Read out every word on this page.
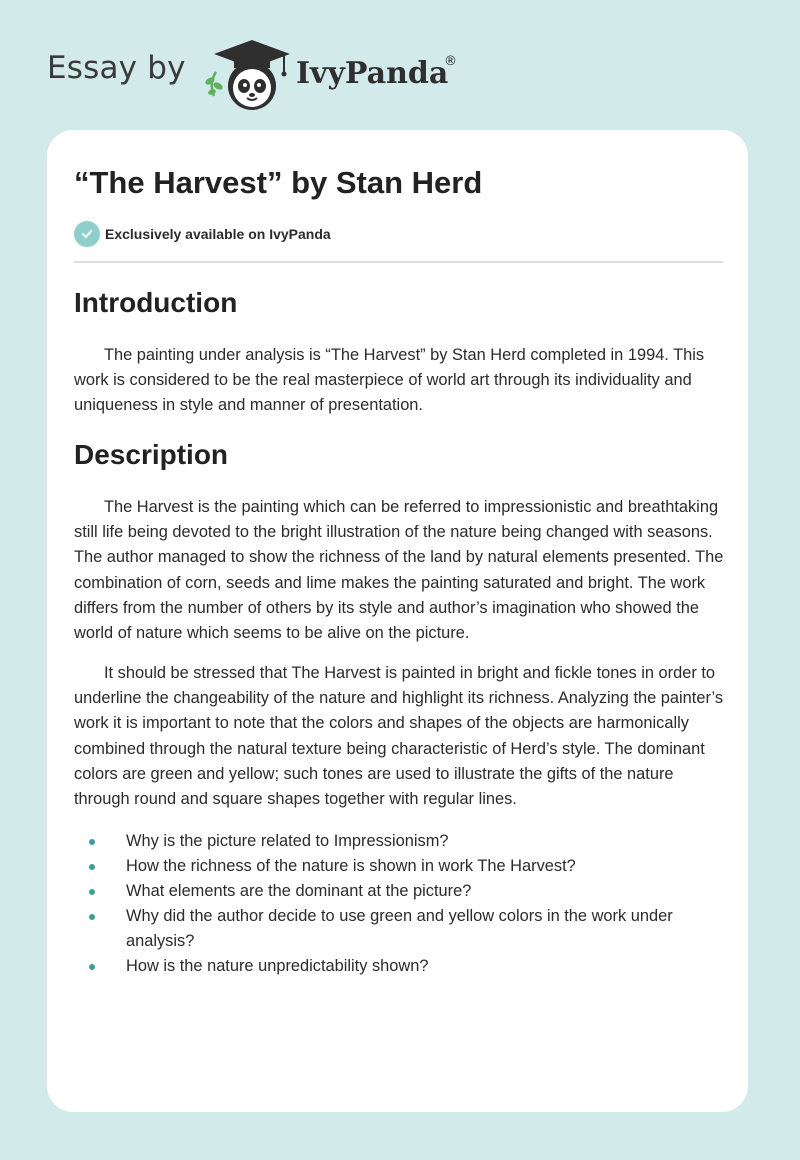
Essay by	IvyPanda
®
“The Harvest” by Stan Herd
Exclusively available on IvyPanda
Introduction

The painting under analysis is “The Harvest” by Stan Herd completed in 1994. This work is considered to be the real masterpiece of world art through its individuality and uniqueness in style and manner of presentation.

Description

The Harvest is the painting which can be referred to impressionistic and breathtaking still life being devoted to the bright illustration of the nature being changed with seasons. The author managed to show the richness of the land by natural elements presented. The combination of corn, seeds and lime makes the painting saturated and bright. The work differs from the number of others by its style and author’s imagination who showed the world of nature which seems to be alive on the picture.

It should be stressed that The Harvest is painted in bright and fickle tones in order to underline the changeability of the nature and highlight its richness. Analyzing the painter’s work it is important to note that the colors and shapes of the objects are harmonically combined through the natural texture being characteristic of Herd’s style. The dominant colors are green and yellow; such tones are used to illustrate the gifts of the nature through round and square shapes together with regular lines.

Why is the picture related to Impressionism?
How the richness of the nature is shown in work The Harvest?
What elements are the dominant at the picture?
Why did the author decide to use green and yellow colors in the work under analysis?
How is the nature unpredictability shown?
